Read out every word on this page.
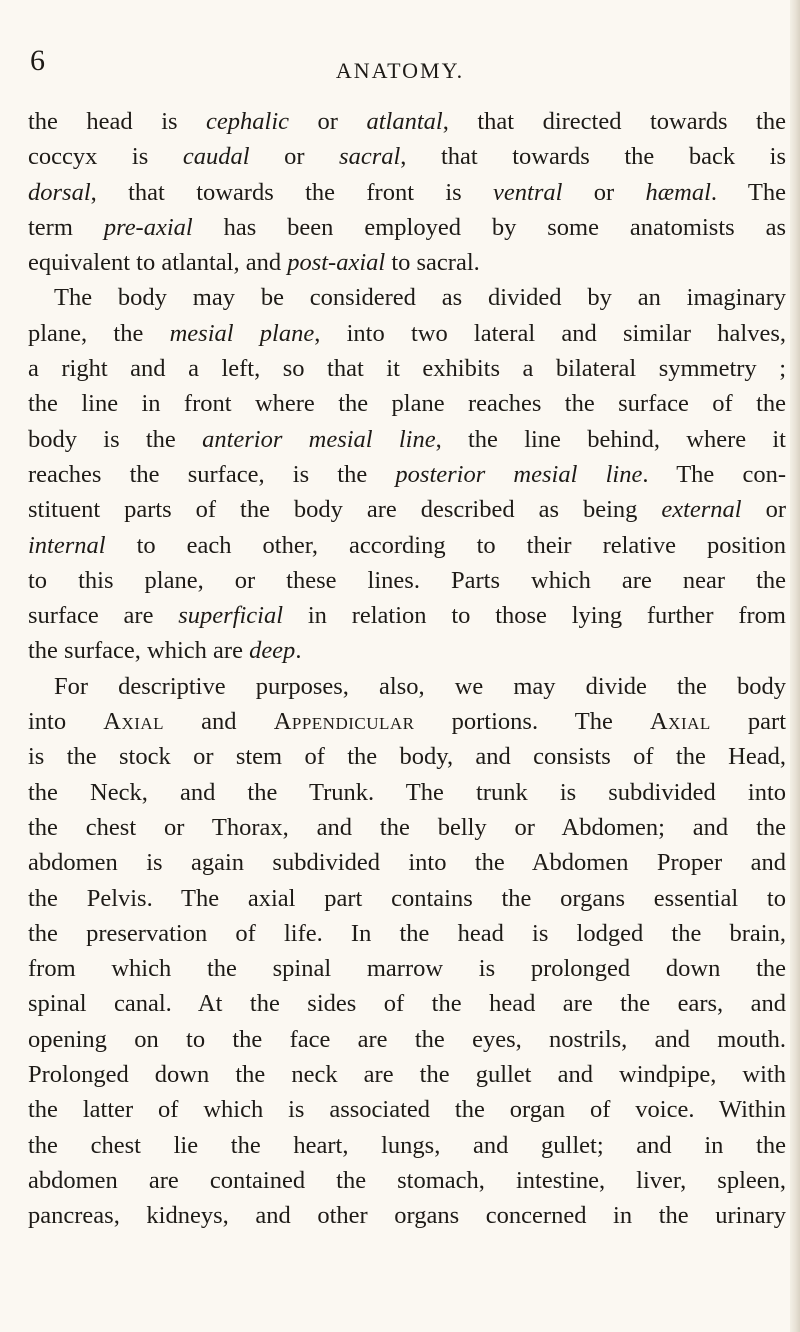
6	ANATOMY.
the head is cephalic or atlantal, that directed towards the
coccyx is caudal or sacral, that towards the back is
dorsal, that towards the front is ventral or hæmal. The
term pre-axial has been employed by some anatomists as
equivalent to atlantal, and post-axial to sacral.
The body may be considered as divided by an imaginary
plane, the mesial plane, into two lateral and similar halves,
a right and a left, so that it exhibits a bilateral symmetry ;
the line in front where the plane reaches the surface of the
body is the anterior mesial line, the line behind, where it
reaches the surface, is the posterior mesial line. The con-
stituent parts of the body are described as being external or
internal to each other, according to their relative position
to this plane, or these lines. Parts which are near the
surface are superficial in relation to those lying further from
the surface, which are deep.
For descriptive purposes, also, we may divide the body
into Axial and Appendicular portions. The Axial part
is the stock or stem of the body, and consists of the Head,
the Neck, and the Trunk. The trunk is subdivided into
the chest or Thorax, and the belly or Abdomen; and the
abdomen is again subdivided into the Abdomen Proper and
the Pelvis. The axial part contains the organs essential to
the preservation of life. In the head is lodged the brain,
from which the spinal marrow is prolonged down the
spinal canal. At the sides of the head are the ears, and
opening on to the face are the eyes, nostrils, and mouth.
Prolonged down the neck are the gullet and windpipe, with
the latter of which is associated the organ of voice. Within
the chest lie the heart, lungs, and gullet; and in the
abdomen are contained the stomach, intestine, liver, spleen,
pancreas, kidneys, and other organs concerned in the urinary
